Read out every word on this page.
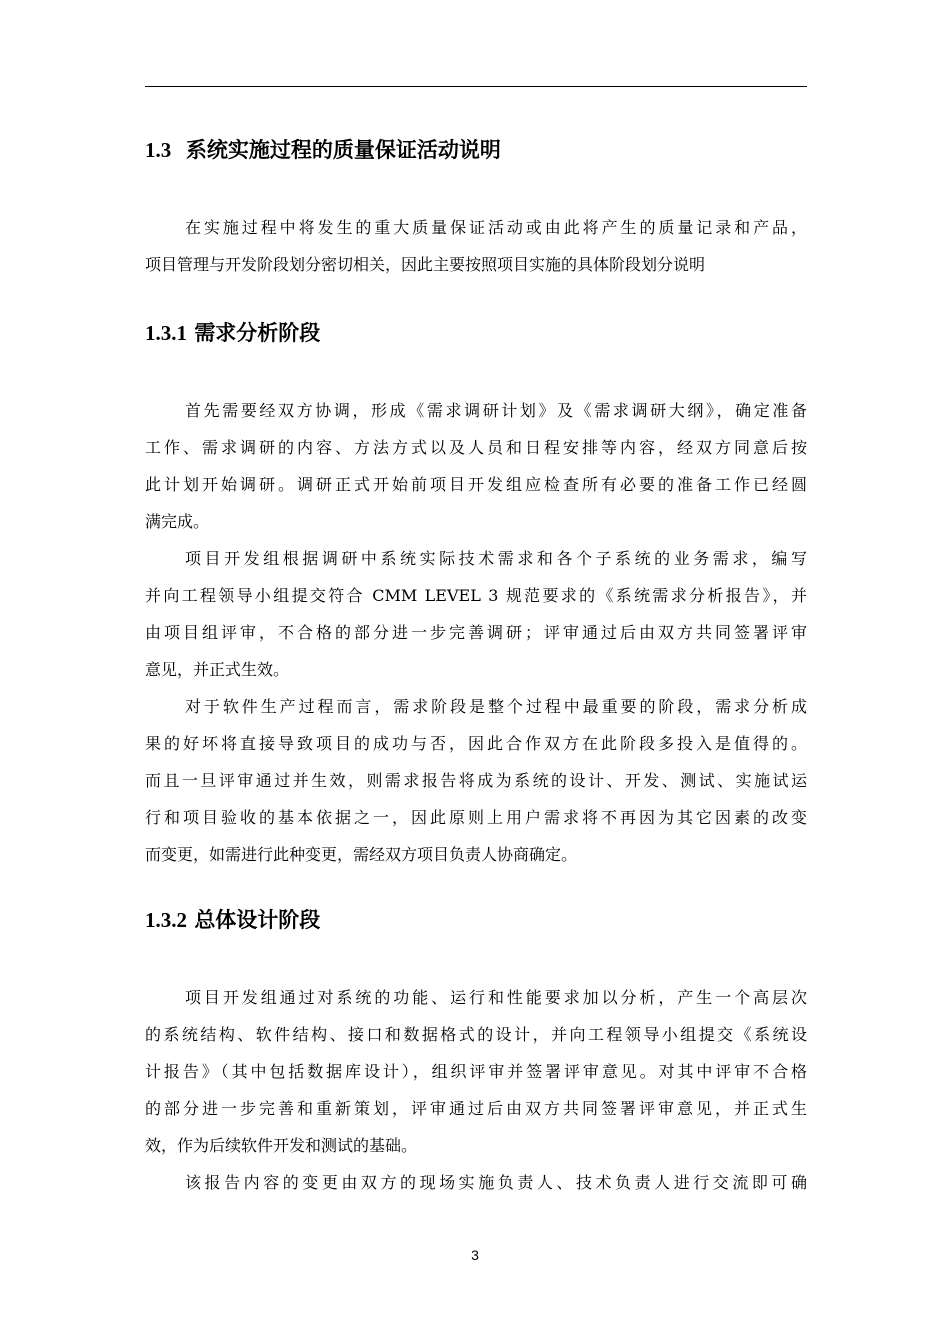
1.3 系统实施过程的质量保证活动说明
在实施过程中将发生的重大质量保证活动或由此将产生的质量记录和产品，
项目管理与开发阶段划分密切相关，因此主要按照项目实施的具体阶段划分说明
1.3.1 需求分析阶段
首先需要经双方协调，形成《需求调研计划》及《需求调研大纲》，确定准备
工作、需求调研的内容、方法方式以及人员和日程安排等内容，经双方同意后按
此计划开始调研。调研正式开始前项目开发组应检查所有必要的准备工作已经圆
满完成。
项目开发组根据调研中系统实际技术需求和各个子系统的业务需求，编写
并向工程领导小组提交符合 CMM LEVEL 3 规范要求的《系统需求分析报告》，并
由项目组评审，不合格的部分进一步完善调研；评审通过后由双方共同签署评审
意见，并正式生效。
对于软件生产过程而言，需求阶段是整个过程中最重要的阶段，需求分析成
果的好坏将直接导致项目的成功与否，因此合作双方在此阶段多投入是值得的。
而且一旦评审通过并生效，则需求报告将成为系统的设计、开发、测试、实施试运
行和项目验收的基本依据之一，因此原则上用户需求将不再因为其它因素的改变
而变更，如需进行此种变更，需经双方项目负责人协商确定。
1.3.2 总体设计阶段
项目开发组通过对系统的功能、运行和性能要求加以分析，产生一个高层次
的系统结构、软件结构、接口和数据格式的设计，并向工程领导小组提交《系统设
计报告》（其中包括数据库设计），组织评审并签署评审意见。对其中评审不合格
的部分进一步完善和重新策划，评审通过后由双方共同签署评审意见，并正式生
效，作为后续软件开发和测试的基础。
该报告内容的变更由双方的现场实施负责人、技术负责人进行交流即可确
3
